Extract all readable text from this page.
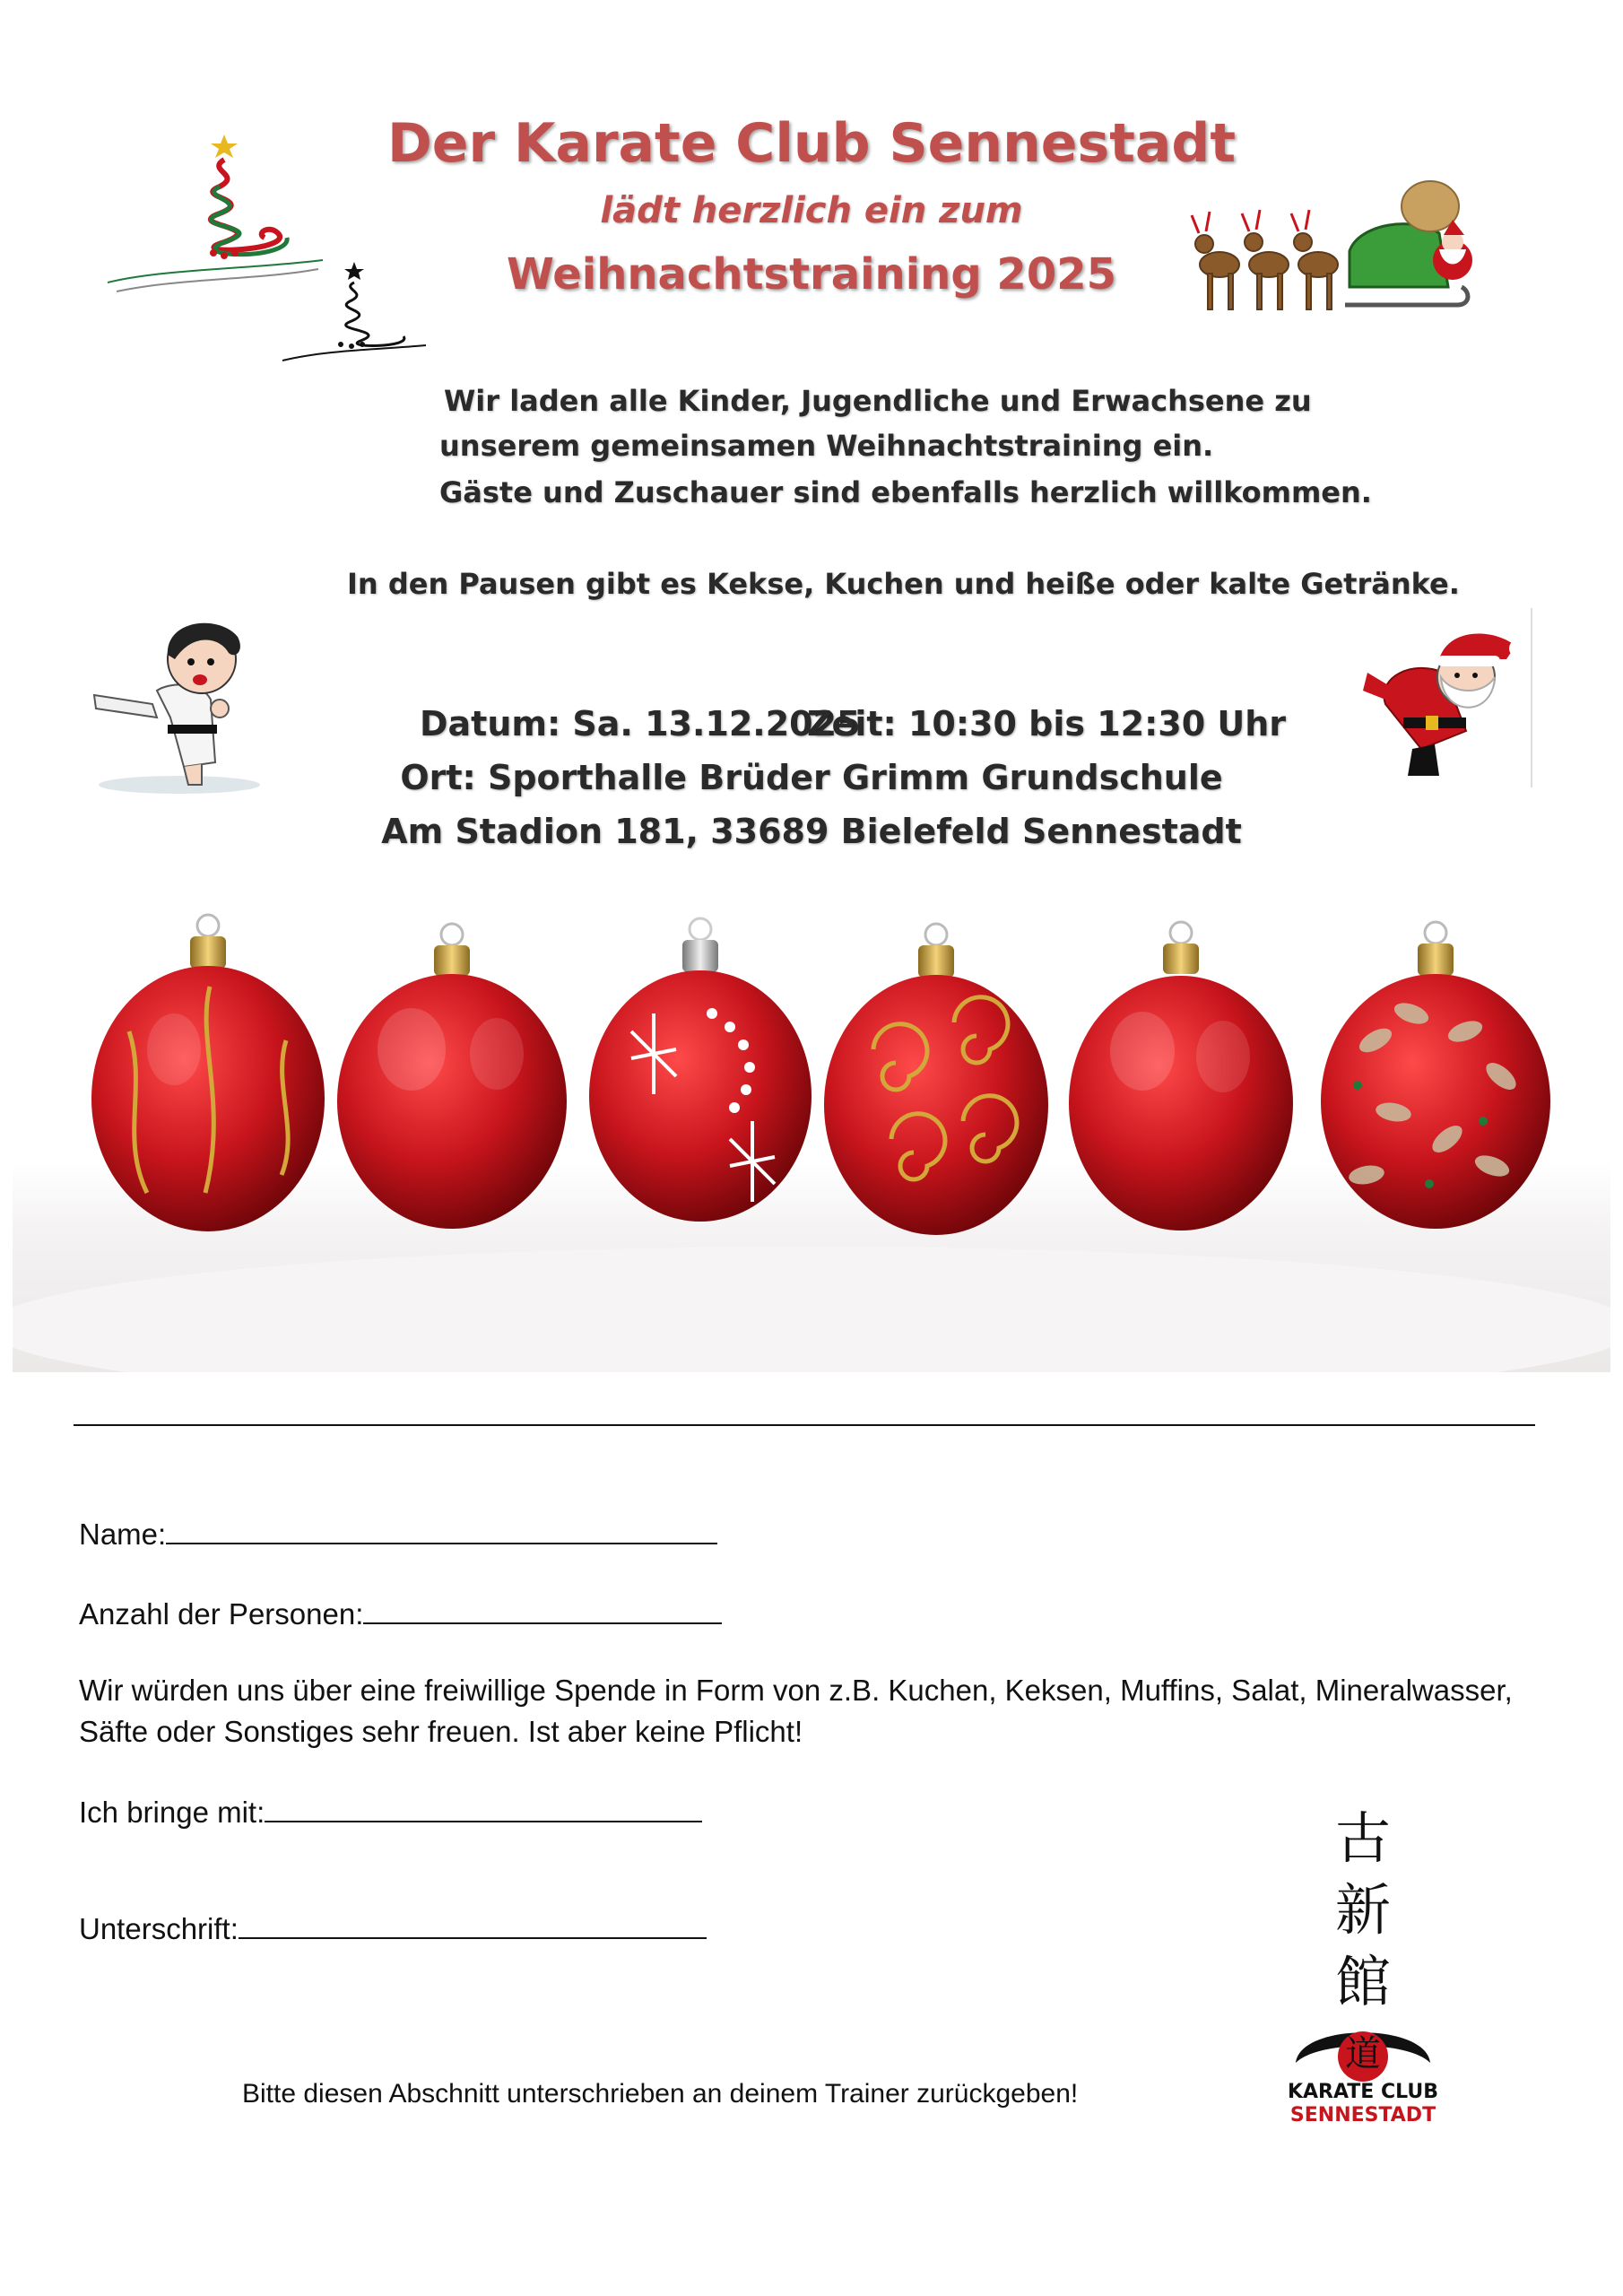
Der Karate Club Sennestadt
lädt herzlich ein zum
Weihnachtstraining 2025
Wir laden alle Kinder, Jugendliche und Erwachsene zu
unserem gemeinsamen Weihnachtstraining ein.
Gäste und Zuschauer sind ebenfalls herzlich willkommen.
In den Pausen gibt es Kekse, Kuchen und heiße oder kalte Getränke.
Datum: Sa. 13.12.2025
Zeit: 10:30 bis 12:30 Uhr
Ort: Sporthalle Brüder Grimm Grundschule
Am Stadion 181, 33689 Bielefeld Sennestadt
Name:
Anzahl der Personen:
Wir würden uns über eine freiwillige Spende in Form von z.B. Kuchen, Keksen, Muffins, Salat, Mineralwasser,
Säfte oder Sonstiges sehr freuen. Ist aber keine Pflicht!
Ich bringe mit:
Unterschrift:
Bitte diesen Abschnitt unterschrieben an deinem Trainer zurückgeben!
古
新
館
道
KARATE CLUB
SENNESTADT
